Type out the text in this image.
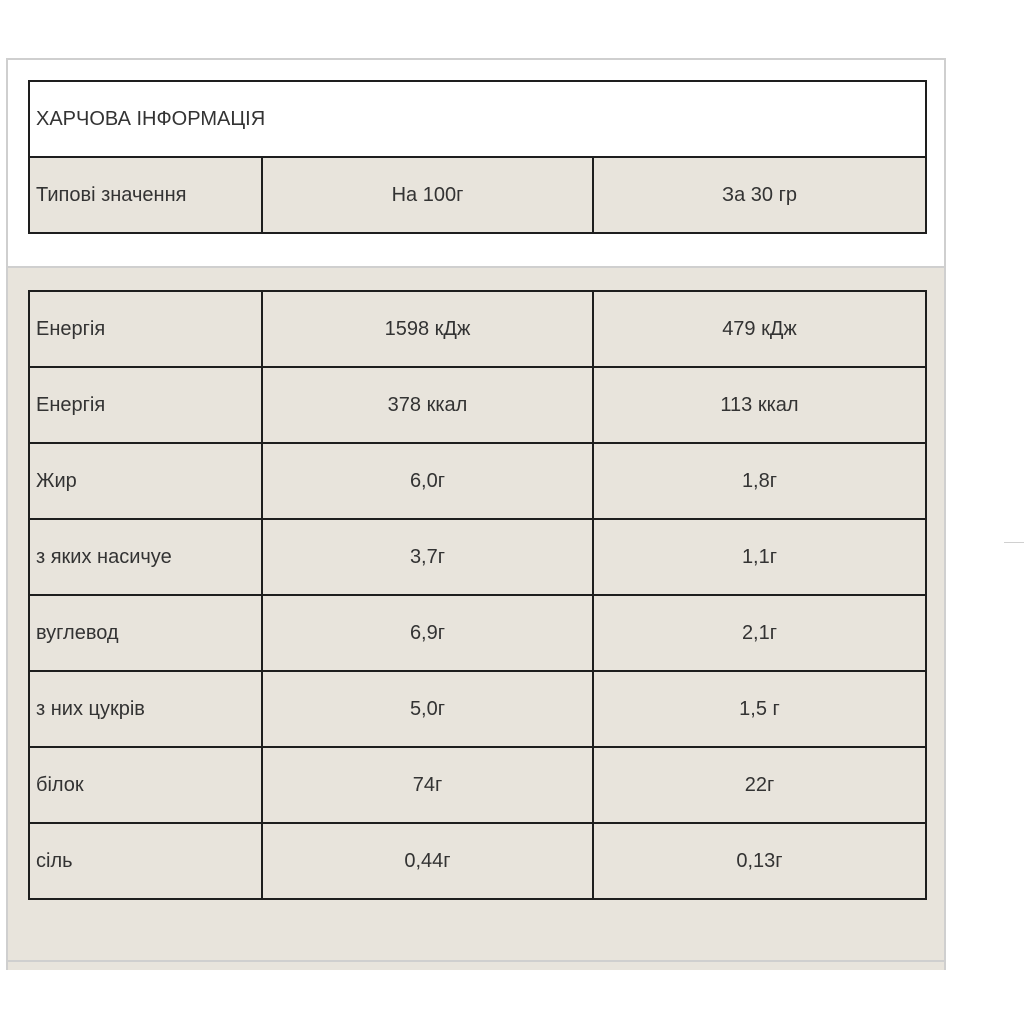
ХАРЧОВА ІНФОРМАЦІЯ
Типові значення	На 100г	За 30 гр
Енергія	1598 кДж	479 кДж
Енергія	378 ккал	113 ккал
Жир	6,0г	1,8г
з яких насичуе	3,7г	1,1г
вуглевод	6,9г	2,1г
з них цукрів	5,0г	1,5 г
білок	74г	22г
сіль	0,44г	0,13г
